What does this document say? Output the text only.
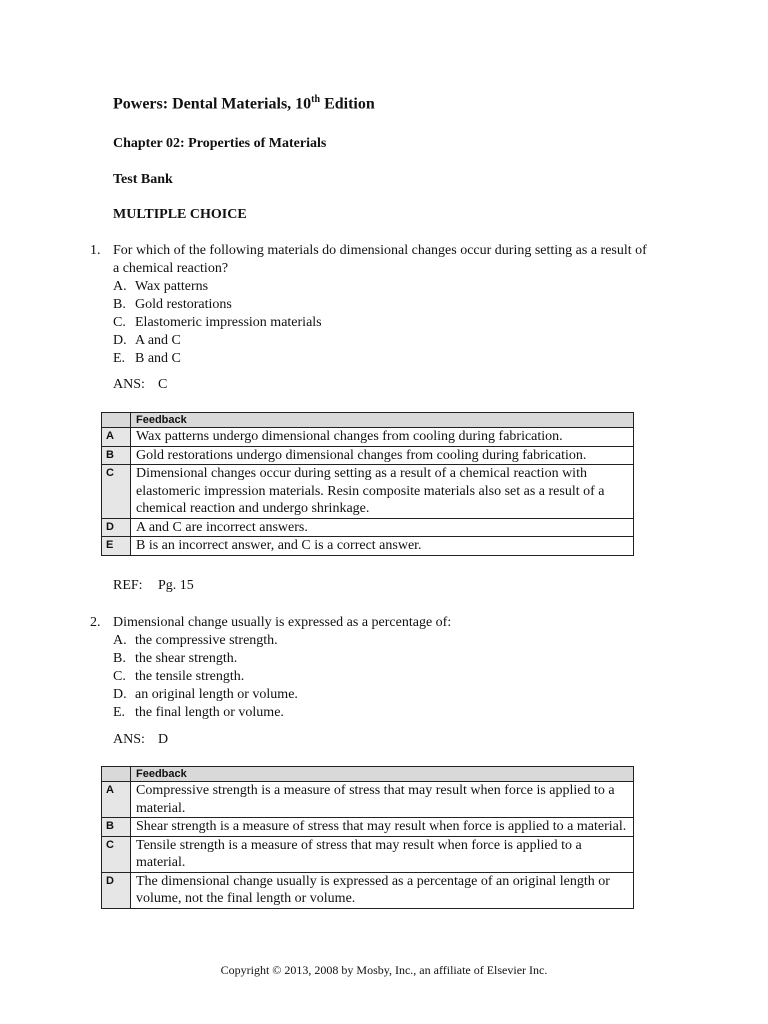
Powers: Dental Materials, 10th Edition
Chapter 02: Properties of Materials
Test Bank
MULTIPLE CHOICE
1. For which of the following materials do dimensional changes occur during setting as a result of a chemical reaction?
A. Wax patterns
B. Gold restorations
C. Elastomeric impression materials
D. A and C
E. B and C
ANS: C
	Feedback
A	Wax patterns undergo dimensional changes from cooling during fabrication.
B	Gold restorations undergo dimensional changes from cooling during fabrication.
C	Dimensional changes occur during setting as a result of a chemical reaction with elastomeric impression materials. Resin composite materials also set as a result of a chemical reaction and undergo shrinkage.
D	A and C are incorrect answers.
E	B is an incorrect answer, and C is a correct answer.
REF: Pg. 15
2. Dimensional change usually is expressed as a percentage of:
A. the compressive strength.
B. the shear strength.
C. the tensile strength.
D. an original length or volume.
E. the final length or volume.
ANS: D
	Feedback
A	Compressive strength is a measure of stress that may result when force is applied to a material.
B	Shear strength is a measure of stress that may result when force is applied to a material.
C	Tensile strength is a measure of stress that may result when force is applied to a material.
D	The dimensional change usually is expressed as a percentage of an original length or volume, not the final length or volume.
Copyright © 2013, 2008 by Mosby, Inc., an affiliate of Elsevier Inc.
